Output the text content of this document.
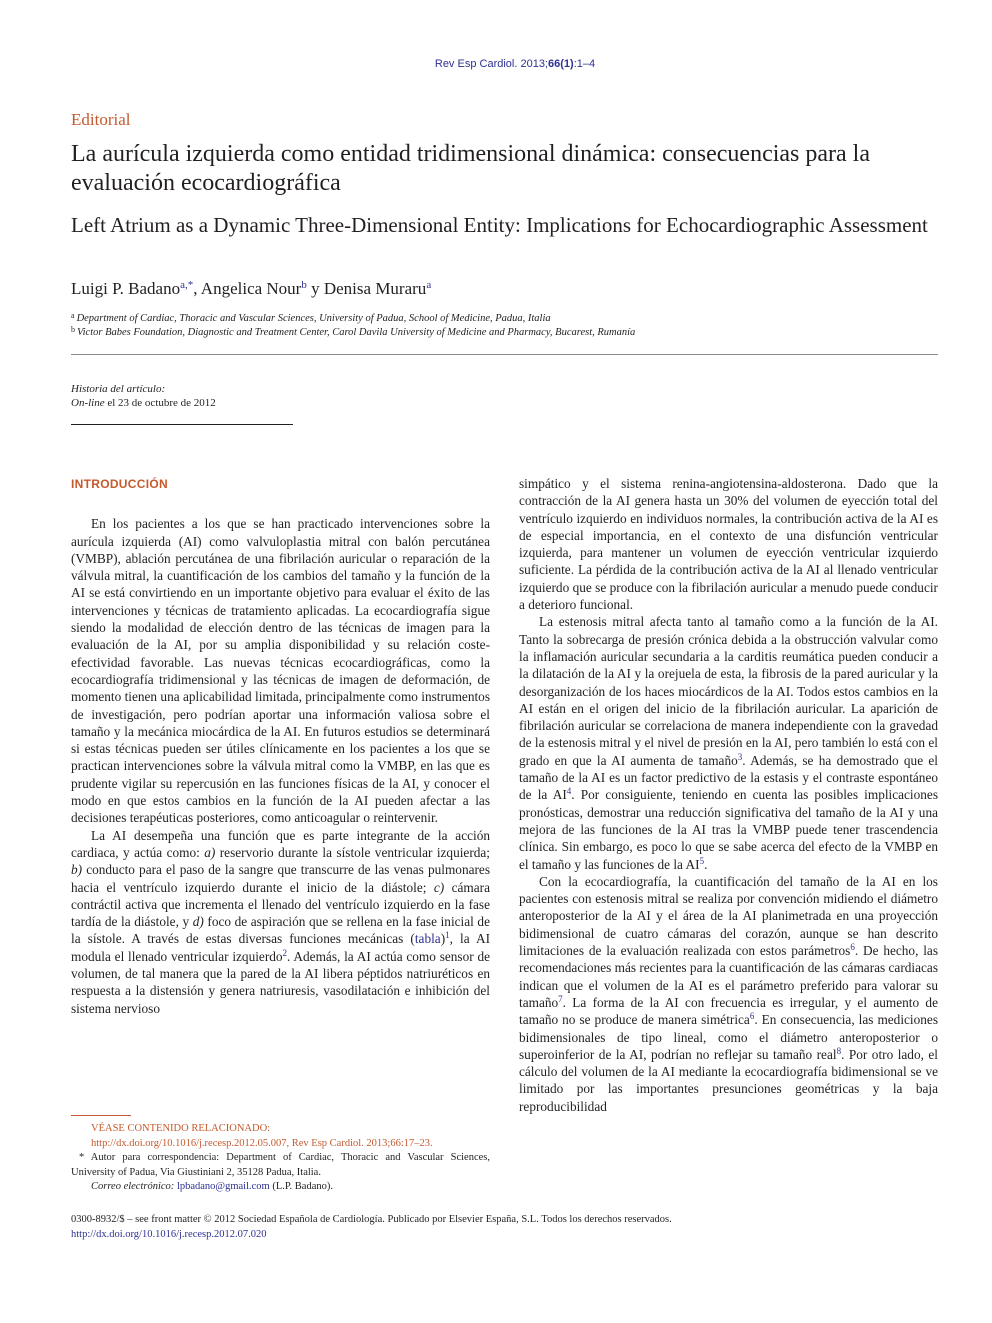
Rev Esp Cardiol. 2013;66(1):1–4
Editorial
La aurícula izquierda como entidad tridimensional dinámica: consecuencias para la evaluación ecocardiográfica
Left Atrium as a Dynamic Three-Dimensional Entity: Implications for Echocardiographic Assessment
Luigi P. Badano$^{a,*}$, Angelica Nour$^b$ y Denisa Muraru$^a$
$^a$ Department of Cardiac, Thoracic and Vascular Sciences, University of Padua, School of Medicine, Padua, Italia
$^b$ Victor Babes Foundation, Diagnostic and Treatment Center, Carol Davila University of Medicine and Pharmacy, Bucarest, Rumanía
Historia del artículo:
On-line el 23 de octubre de 2012
INTRODUCCIÓN

En los pacientes a los que se han practicado intervenciones sobre la aurícula izquierda (AI) como valvuloplastia mitral con balón percutánea (VMBP), ablación percutánea de una fibrilación auricular o reparación de la válvula mitral, la cuantificación de los cambios del tamaño y la función de la AI se está convirtiendo en un importante objetivo para evaluar el éxito de las intervenciones y técnicas de tratamiento aplicadas. La ecocardiografía sigue siendo la modalidad de elección dentro de las técnicas de imagen para la evaluación de la AI, por su amplia disponibilidad y su relación coste-efectividad favorable. Las nuevas técnicas ecocardiográficas, como la ecocardiografía tridimensional y las técnicas de imagen de deformación, de momento tienen una aplicabilidad limitada, principalmente como instrumentos de investigación, pero podrían aportar una información valiosa sobre el tamaño y la mecánica miocárdica de la AI. En futuros estudios se determinará si estas técnicas pueden ser útiles clínicamente en los pacientes a los que se practican intervenciones sobre la válvula mitral como la VMBP, en las que es prudente vigilar su repercusión en las funciones físicas de la AI, y conocer el modo en que estos cambios en la función de la AI pueden afectar a las decisiones terapéuticas posteriores, como anticoagular o reintervenir.

La AI desempeña una función que es parte integrante de la acción cardiaca, y actúa como: a) reservorio durante la sístole ventricular izquierda; b) conducto para el paso de la sangre que transcurre de las venas pulmonares hacia el ventrículo izquierdo durante el inicio de la diástole; c) cámara contráctil activa que incrementa el llenado del ventrículo izquierdo en la fase tardía de la diástole, y d) foco de aspiración que se rellena en la fase inicial de la sístole. A través de estas diversas funciones mecánicas (tabla)$^1$, la AI modula el llenado ventricular izquierdo$^2$. Además, la AI actúa como sensor de volumen, de tal manera que la pared de la AI libera péptidos natriuréticos en respuesta a la distensión y genera natriuresis, vasodilatación e inhibición del sistema nervioso

simpático y el sistema renina-angiotensina-aldosterona. Dado que la contracción de la AI genera hasta un 30% del volumen de eyección total del ventrículo izquierdo en individuos normales, la contribución activa de la AI es de especial importancia, en el contexto de una disfunción ventricular izquierda, para mantener un volumen de eyección ventricular izquierdo suficiente. La pérdida de la contribución activa de la AI al llenado ventricular izquierdo que se produce con la fibrilación auricular a menudo puede conducir a deterioro funcional.

La estenosis mitral afecta tanto al tamaño como a la función de la AI. Tanto la sobrecarga de presión crónica debida a la obstrucción valvular como la inflamación auricular secundaria a la carditis reumática pueden conducir a la dilatación de la AI y la orejuela de esta, la fibrosis de la pared auricular y la desorganización de los haces miocárdicos de la AI. Todos estos cambios en la AI están en el origen del inicio de la fibrilación auricular. La aparición de fibrilación auricular se correlaciona de manera independiente con la gravedad de la estenosis mitral y el nivel de presión en la AI, pero también lo está con el grado en que la AI aumenta de tamaño$^3$. Además, se ha demostrado que el tamaño de la AI es un factor predictivo de la estasis y el contraste espontáneo de la $AI^4$. Por consiguiente, teniendo en cuenta las posibles implicaciones pronósticas, demostrar una reducción significativa del tamaño de la AI y una mejora de las funciones de la AI tras la VMBP puede tener trascendencia clínica. Sin embargo, es poco lo que se sabe acerca del efecto de la VMBP en el tamaño y las funciones de la $AI^5$.

Con la ecocardiografía, la cuantificación del tamaño de la AI en los pacientes con estenosis mitral se realiza por convención midiendo el diámetro anteroposterior de la AI y el área de la AI planimetrada en una proyección bidimensional de cuatro cámaras del corazón, aunque se han descrito limitaciones de la evaluación realizada con estos parámetros$^6$. De hecho, las recomendaciones más recientes para la cuantificación de las cámaras cardiacas indican que el volumen de la AI es el parámetro preferido para valorar su tamaño$^7$. La forma de la AI con frecuencia es irregular, y el aumento de tamaño no se produce de manera simétrica$^6$. En consecuencia, las mediciones bidimensionales de tipo lineal, como el diámetro anteroposterior o superoinferior de la AI, podrían no reflejar su tamaño real$^8$. Por otro lado, el cálculo del volumen de la AI mediante la ecocardiografía bidimensional se ve limitado por las importantes presunciones geométricas y la baja reproducibilidad

VÉASE CONTENIDO RELACIONADO:
http://dx.doi.org/10.1016/j.recesp.2012.05.007, Rev Esp Cardiol. 2013;66:17–23.
* Autor para correspondencia: Department of Cardiac, Thoracic and Vascular Sciences, University of Padua, Via Giustiniani 2, 35128 Padua, Italia.
Correo electrónico: lpbadano@gmail.com (L.P. Badano).
0300-8932/$ – see front matter © 2012 Sociedad Española de Cardiología. Publicado por Elsevier España, S.L. Todos los derechos reservados.
http://dx.doi.org/10.1016/j.recesp.2012.07.020
